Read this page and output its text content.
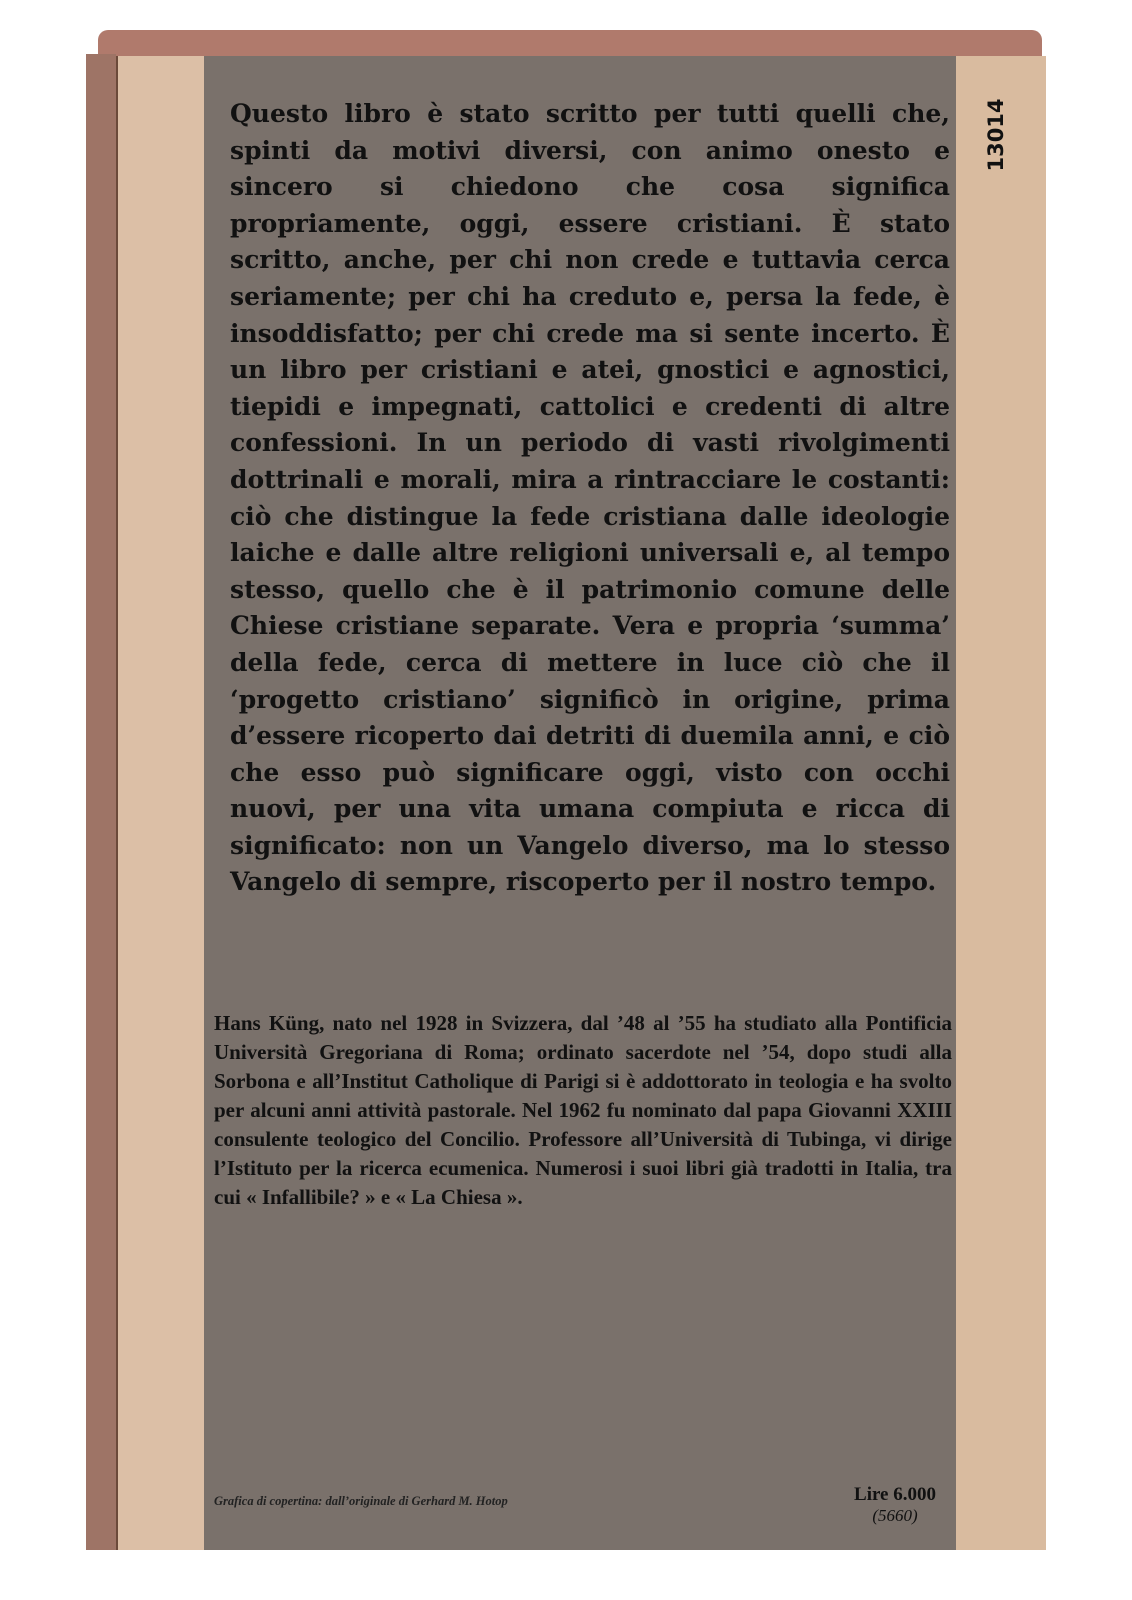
Questo libro è stato scritto per tutti quelli che, spinti da motivi diversi, con animo onesto e sincero si chiedono che cosa significa propriamente, oggi, essere cristiani. È stato scritto, anche, per chi non crede e tuttavia cerca seriamente; per chi ha creduto e, persa la fede, è insoddisfatto; per chi crede ma si sente incerto. È un libro per cristiani e atei, gnostici e agnostici, tiepidi e impegnati, cattolici e credenti di altre confessioni. In un periodo di vasti rivolgimenti dottrinali e morali, mira a rintracciare le costanti: ciò che distingue la fede cristiana dalle ideologie laiche e dalle altre religioni universali e, al tempo stesso, quello che è il patrimonio comune delle Chiese cristiane separate. Vera e propria ‘summa’ della fede, cerca di mettere in luce ciò che il ‘progetto cristiano’ significò in origine, prima d’essere ricoperto dai detriti di duemila anni, e ciò che esso può significare oggi, visto con occhi nuovi, per una vita umana compiuta e ricca di significato: non un Vangelo diverso, ma lo stesso Vangelo di sempre, riscoperto per il nostro tempo.
Hans Küng, nato nel 1928 in Svizzera, dal ’48 al ’55 ha studiato alla Pontificia Università Gregoriana di Roma; ordinato sacerdote nel ’54, dopo studi alla Sorbona e all’Institut Catholique di Parigi si è addottorato in teologia e ha svolto per alcuni anni attività pastorale. Nel 1962 fu nominato dal papa Giovanni XXIII consulente teologico del Concilio. Professore all’Università di Tubinga, vi dirige l’Istituto per la ricerca ecumenica. Numerosi i suoi libri già tradotti in Italia, tra cui « Infallibile? » e « La Chiesa ».
Grafica di copertina: dall’originale di Gerhard M. Hotop	Lire 6.000
(5660)
13014
